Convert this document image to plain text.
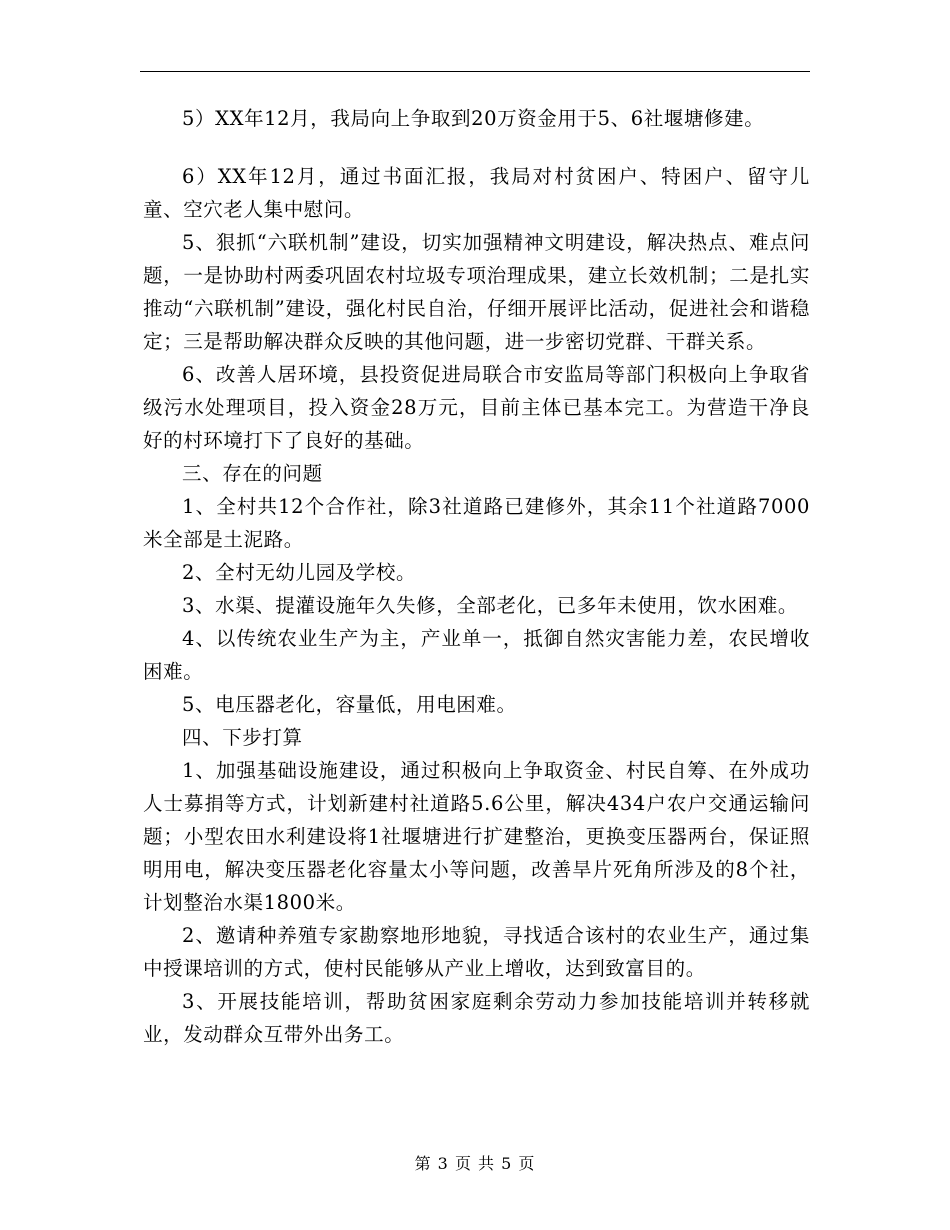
5）XX年12月，我局向上争取到20万资金用于5、6社堰塘修建。

6）XX年12月，通过书面汇报，我局对村贫困户、特困户、留守儿童、空穴老人集中慰问。

5、狠抓“六联机制”建设，切实加强精神文明建设，解决热点、难点问题，一是协助村两委巩固农村垃圾专项治理成果，建立长效机制；二是扎实推动“六联机制”建设，强化村民自治，仔细开展评比活动，促进社会和谐稳定；三是帮助解决群众反映的其他问题，进一步密切党群、干群关系。

6、改善人居环境，县投资促进局联合市安监局等部门积极向上争取省级污水处理项目，投入资金28万元，目前主体已基本完工。为营造干净良好的村环境打下了良好的基础。

三、存在的问题

1、全村共12个合作社，除3社道路已建修外，其余11个社道路7000米全部是土泥路。

2、全村无幼儿园及学校。

3、水渠、提灌设施年久失修，全部老化，已多年未使用，饮水困难。

4、以传统农业生产为主，产业单一，抵御自然灾害能力差，农民增收困难。

5、电压器老化，容量低，用电困难。

四、下步打算

1、加强基础设施建设，通过积极向上争取资金、村民自筹、在外成功人士募捐等方式，计划新建村社道路5.6公里，解决434户农户交通运输问题；小型农田水利建设将1社堰塘进行扩建整治，更换变压器两台，保证照明用电，解决变压器老化容量太小等问题，改善旱片死角所涉及的8个社，计划整治水渠1800米。

2、邀请种养殖专家勘察地形地貌，寻找适合该村的农业生产，通过集中授课培训的方式，使村民能够从产业上增收，达到致富目的。

3、开展技能培训，帮助贫困家庭剩余劳动力参加技能培训并转移就业，发动群众互带外出务工。

第 3 页 共 5 页
